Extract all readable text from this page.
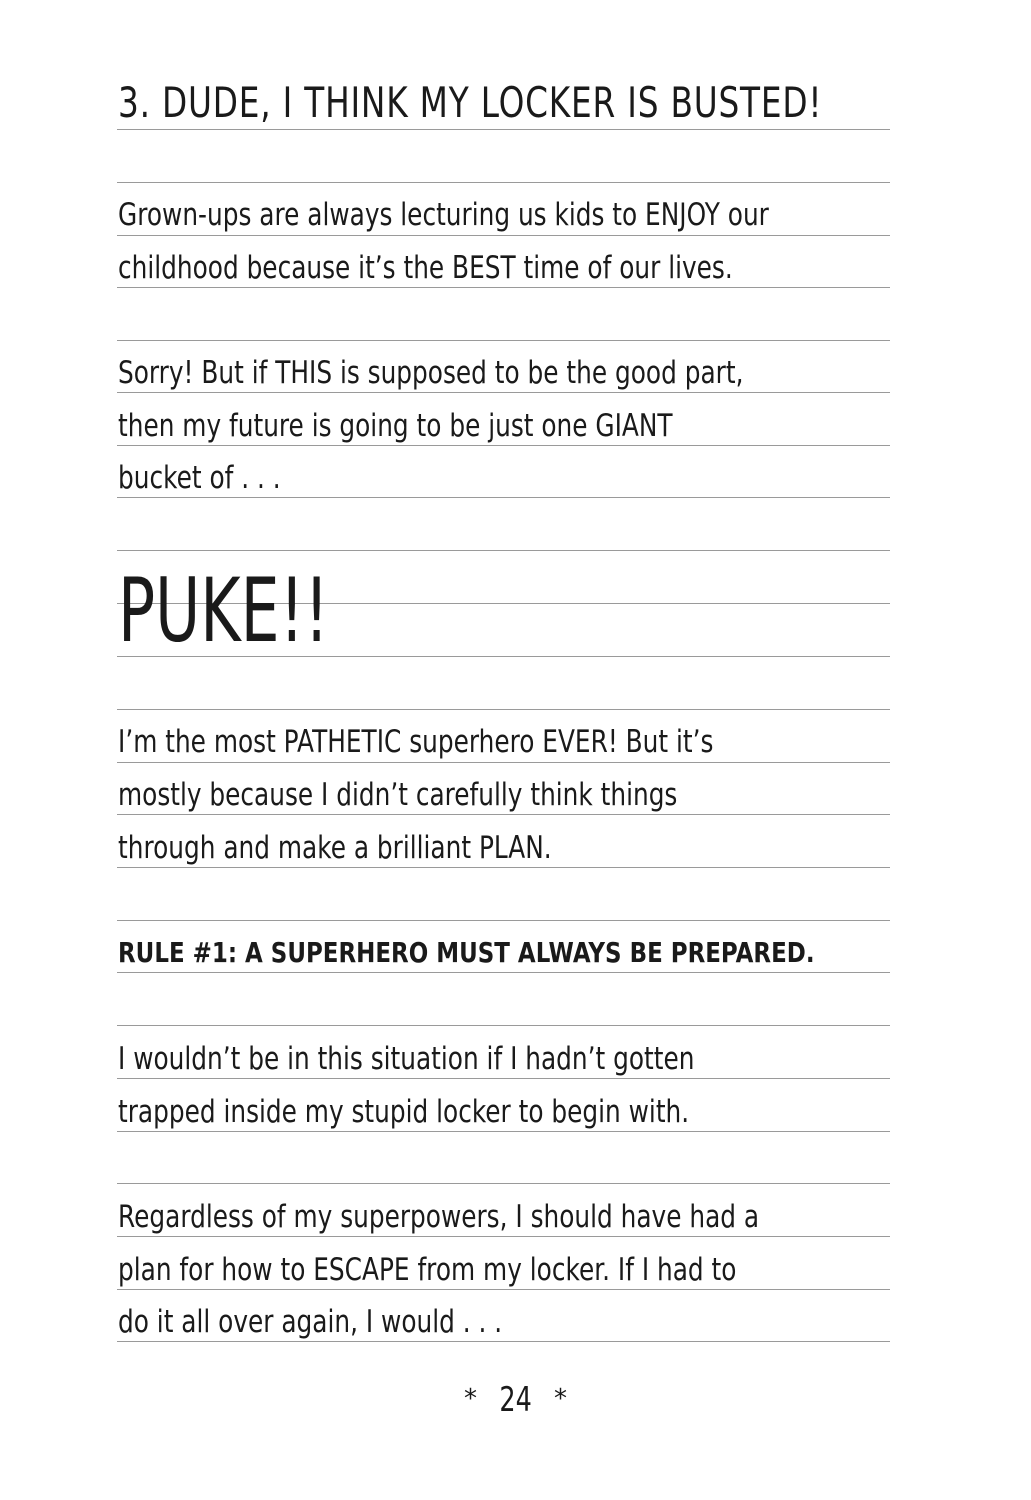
3. DUDE, I THINK MY LOCKER IS BUSTED!
Grown-ups are always lecturing us kids to ENJOY our
childhood because it’s the BEST time of our lives.
Sorry! But if THIS is supposed to be the good part,
then my future is going to be just one GIANT
bucket of . . .
PUKE!!
I’m the most PATHETIC superhero EVER! But it’s
mostly because I didn’t carefully think things
through and make a brilliant PLAN.
RULE #1: A SUPERHERO MUST ALWAYS BE PREPARED.
I wouldn’t be in this situation if I hadn’t gotten
trapped inside my stupid locker to begin with.
Regardless of my superpowers, I should have had a
plan for how to ESCAPE from my locker. If I had to
do it all over again, I would . . .
* 24 *
